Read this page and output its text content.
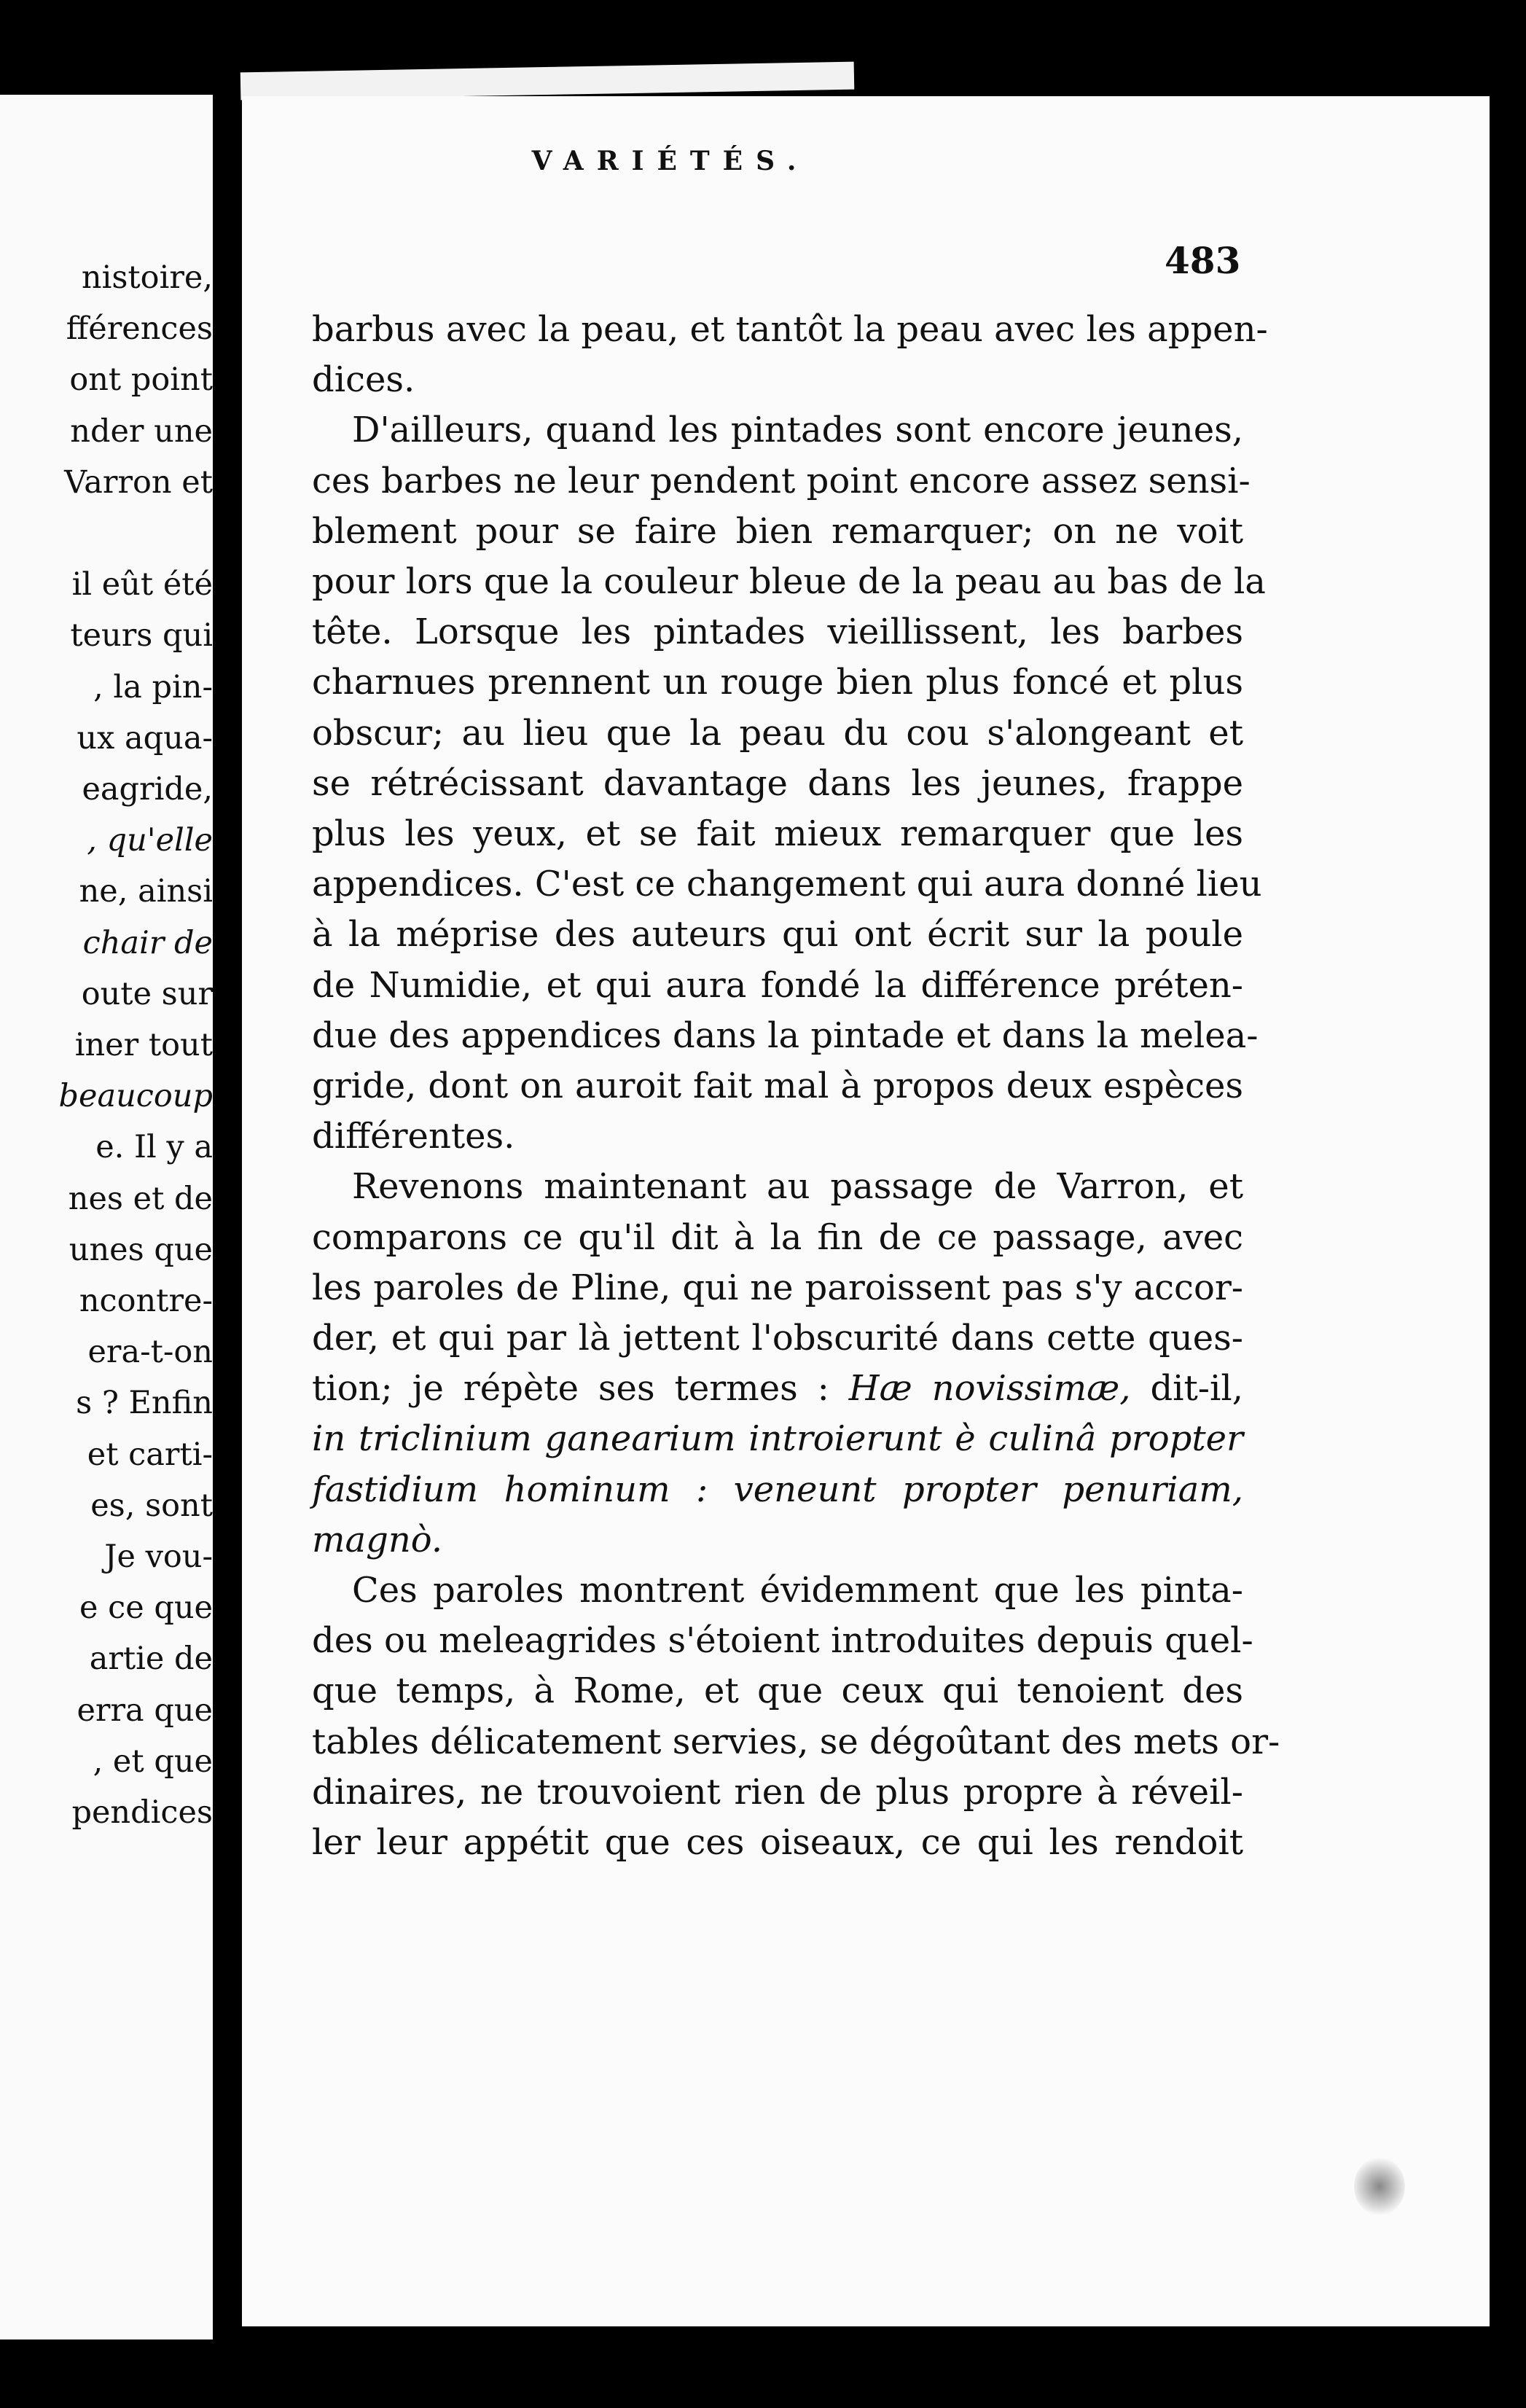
nistoire,
fférences
ont point
nder une
Varron et
il eût été
teurs qui
, la pin-
ux aqua-
eagride,
, qu'elle
ne, ainsi
chair de
oute sur
iner tout
beaucoup
e. Il y a
nes et de
unes que
ncontre-
era-t-on
s ? Enfin
et carti-
es, sont
Je vou-
e ce que
artie de
erra que
, et que
pendices
VARIÉTÉS.
483
barbus avec la peau, et tantôt la peau avec les appen-
dices.
D'ailleurs, quand les pintades sont encore jeunes,
ces barbes ne leur pendent point encore assez sensi-
blement pour se faire bien remarquer; on ne voit
pour lors que la couleur bleue de la peau au bas de la
tête. Lorsque les pintades vieillissent, les barbes
charnues prennent un rouge bien plus foncé et plus
obscur; au lieu que la peau du cou s'alongeant et
se rétrécissant davantage dans les jeunes, frappe
plus les yeux, et se fait mieux remarquer que les
appendices. C'est ce changement qui aura donné lieu
à la méprise des auteurs qui ont écrit sur la poule
de Numidie, et qui aura fondé la différence préten-
due des appendices dans la pintade et dans la melea-
gride, dont on auroit fait mal à propos deux espèces
différentes.
Revenons maintenant au passage de Varron, et
comparons ce qu'il dit à la fin de ce passage, avec
les paroles de Pline, qui ne paroissent pas s'y accor-
der, et qui par là jettent l'obscurité dans cette ques-
tion; je répète ses termes : Hæ novissimæ, dit-il,
in triclinium ganearium introierunt è culinâ propter
fastidium hominum : veneunt propter penuriam,
magnò.
Ces paroles montrent évidemment que les pinta-
des ou meleagrides s'étoient introduites depuis quel-
que temps, à Rome, et que ceux qui tenoient des
tables délicatement servies, se dégoûtant des mets or-
dinaires, ne trouvoient rien de plus propre à réveil-
ler leur appétit que ces oiseaux, ce qui les rendoit
